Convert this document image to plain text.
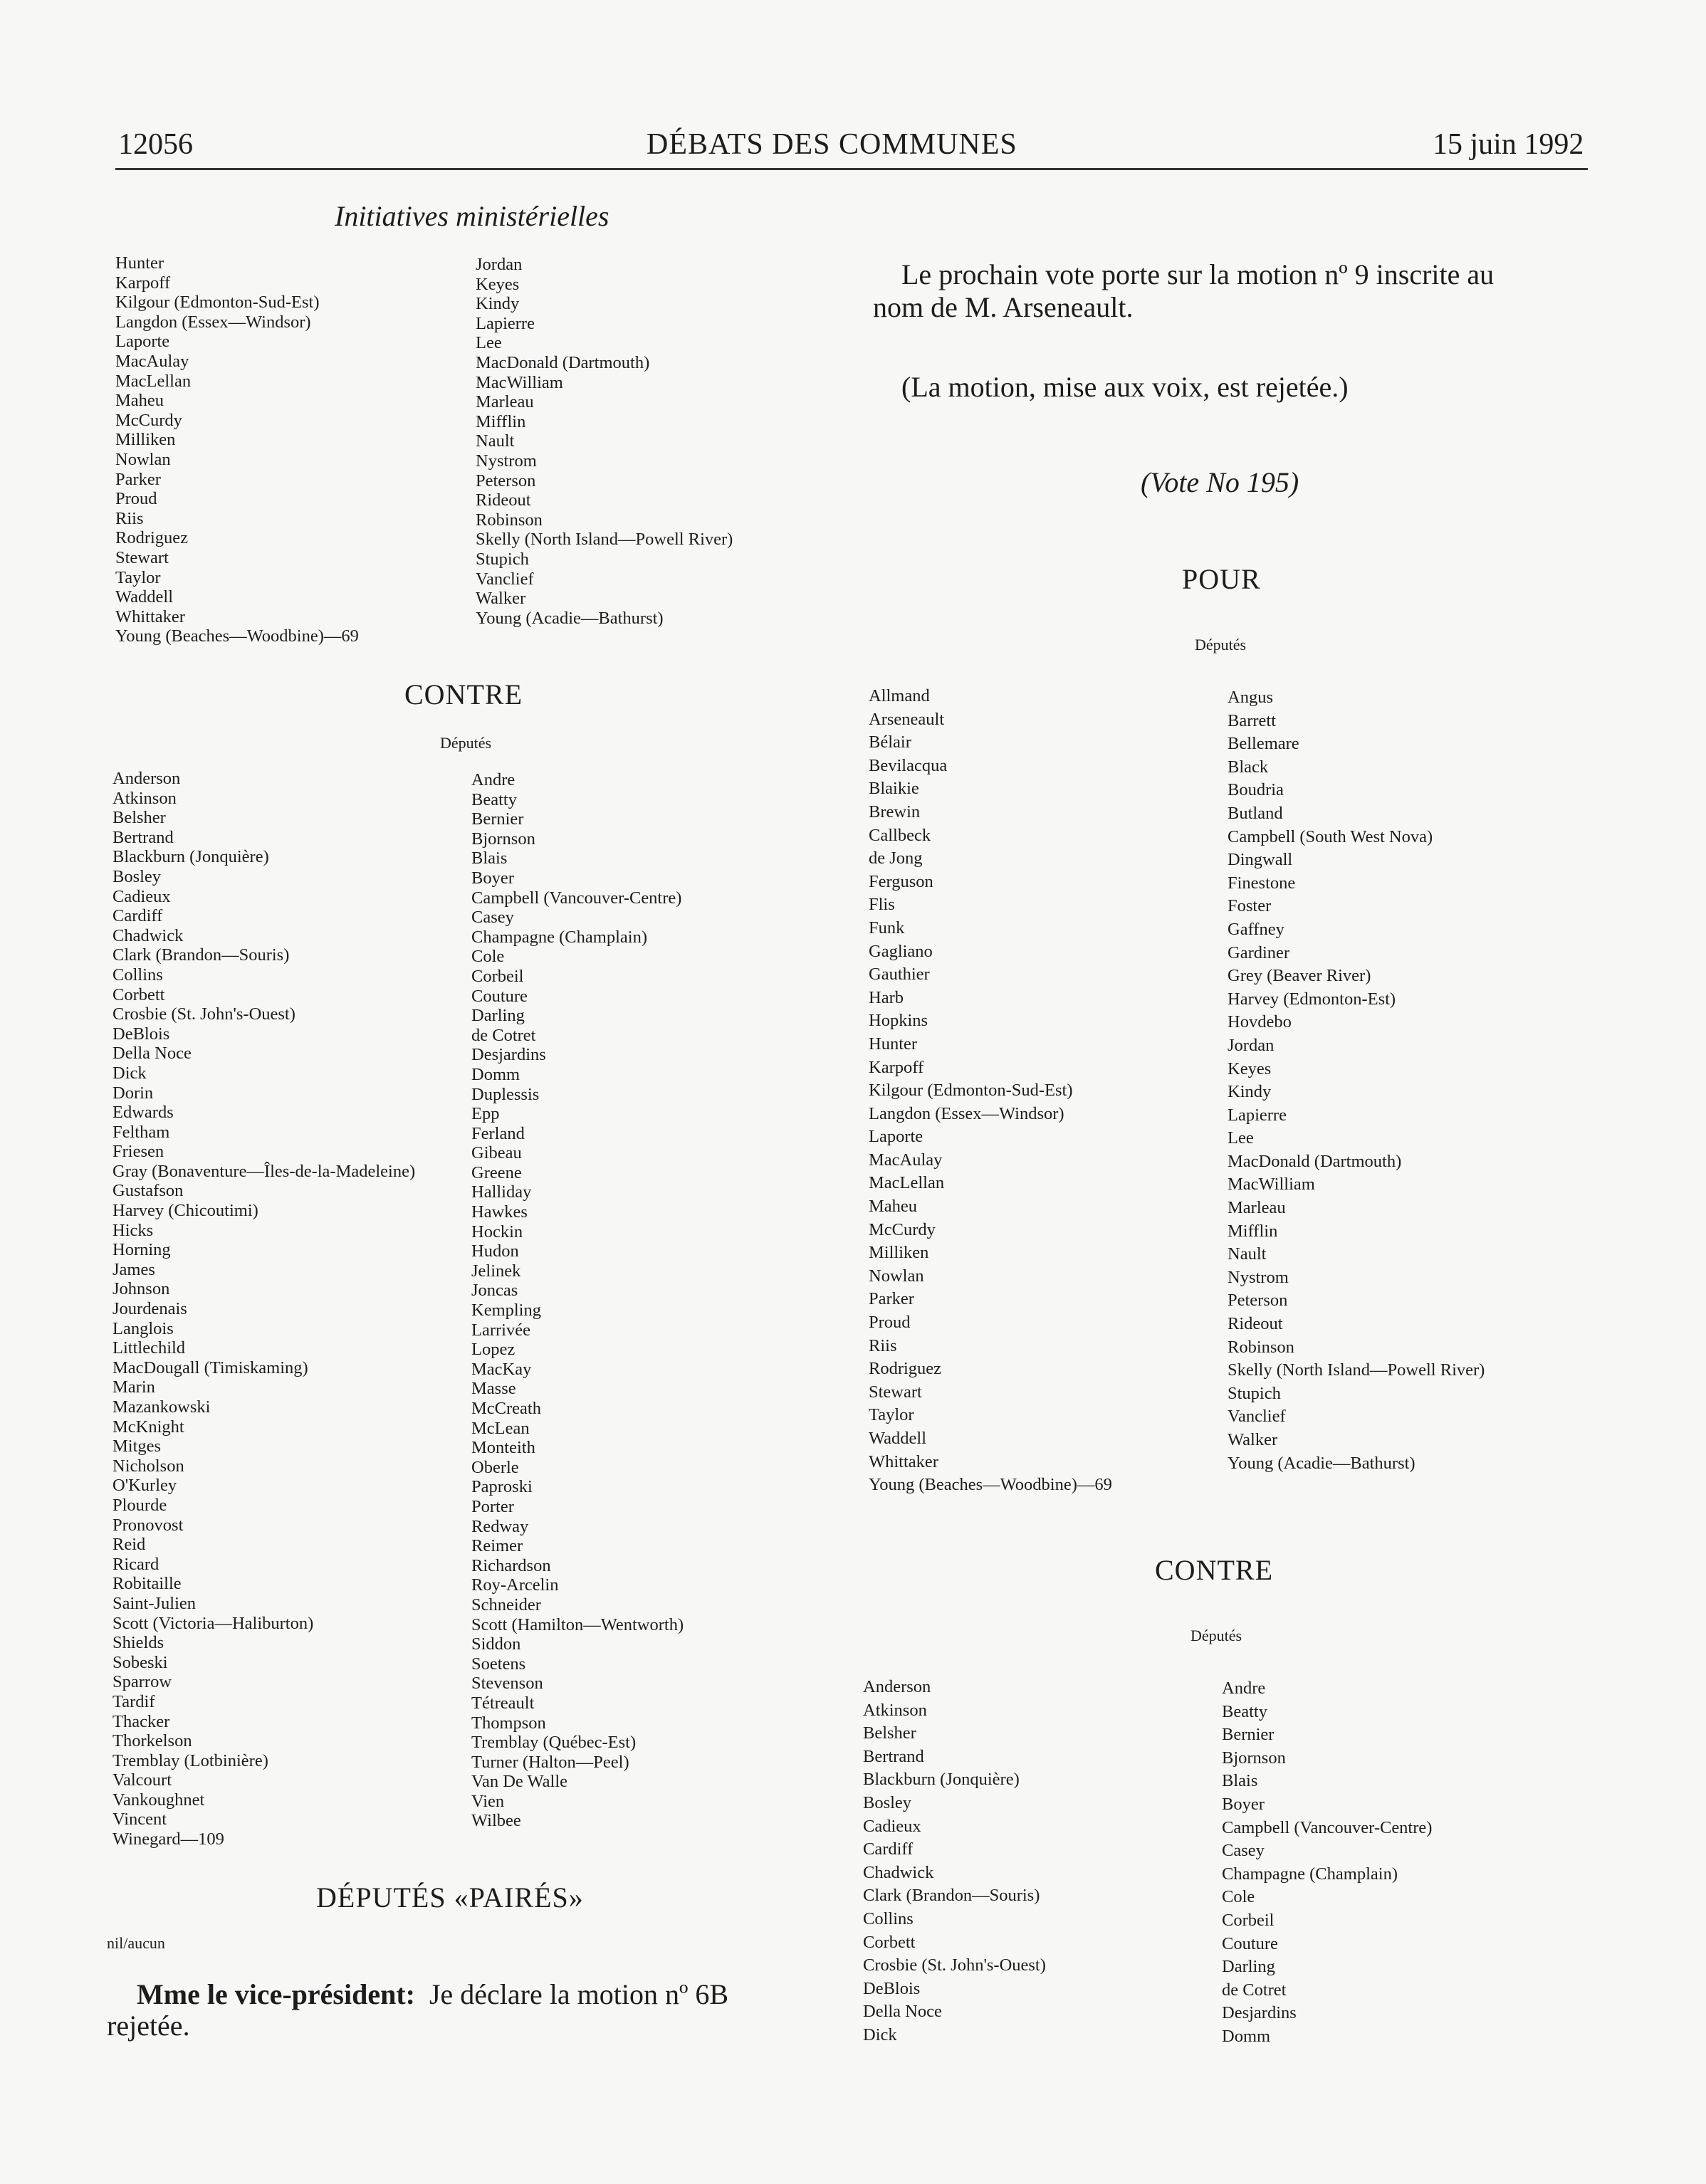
12056	DÉBATS DES COMMUNES	15 juin 1992
Initiatives ministérielles
Hunter
Karpoff
Kilgour (Edmonton-Sud-Est)
Langdon (Essex—Windsor)
Laporte
MacAulay
MacLellan
Maheu
McCurdy
Milliken
Nowlan
Parker
Proud
Riis
Rodriguez
Stewart
Taylor
Waddell
Whittaker
Young (Beaches—Woodbine)—69
Jordan
Keyes
Kindy
Lapierre
Lee
MacDonald (Dartmouth)
MacWilliam
Marleau
Mifflin
Nault
Nystrom
Peterson
Rideout
Robinson
Skelly (North Island—Powell River)
Stupich
Vanclief
Walker
Young (Acadie—Bathurst)
CONTRE
Députés
Anderson
Atkinson
Belsher
Bertrand
Blackburn (Jonquière)
Bosley
Cadieux
Cardiff
Chadwick
Clark (Brandon—Souris)
Collins
Corbett
Crosbie (St. John's-Ouest)
DeBlois
Della Noce
Dick
Dorin
Edwards
Feltham
Friesen
Gray (Bonaventure—Îles-de-la-Madeleine)
Gustafson
Harvey (Chicoutimi)
Hicks
Horning
James
Johnson
Jourdenais
Langlois
Littlechild
MacDougall (Timiskaming)
Marin
Mazankowski
McKnight
Mitges
Nicholson
O'Kurley
Plourde
Pronovost
Reid
Ricard
Robitaille
Saint-Julien
Scott (Victoria—Haliburton)
Shields
Sobeski
Sparrow
Tardif
Thacker
Thorkelson
Tremblay (Lotbinière)
Valcourt
Vankoughnet
Vincent
Winegard—109
Andre
Beatty
Bernier
Bjornson
Blais
Boyer
Campbell (Vancouver-Centre)
Casey
Champagne (Champlain)
Cole
Corbeil
Couture
Darling
de Cotret
Desjardins
Domm
Duplessis
Epp
Ferland
Gibeau
Greene
Halliday
Hawkes
Hockin
Hudon
Jelinek
Joncas
Kempling
Larrivée
Lopez
MacKay
Masse
McCreath
McLean
Monteith
Oberle
Paproski
Porter
Redway
Reimer
Richardson
Roy-Arcelin
Schneider
Scott (Hamilton—Wentworth)
Siddon
Soetens
Stevenson
Tétreault
Thompson
Tremblay (Québec-Est)
Turner (Halton—Peel)
Van De Walle
Vien
Wilbee
DÉPUTÉS «PAIRÉS»
nil/aucun
Mme le vice-président: Je déclare la motion nº 6B
rejetée.
Le prochain vote porte sur la motion nº 9 inscrite au
nom de M. Arseneault.
(La motion, mise aux voix, est rejetée.)
(Vote No 195)
POUR
Députés
Allmand
Arseneault
Bélair
Bevilacqua
Blaikie
Brewin
Callbeck
de Jong
Ferguson
Flis
Funk
Gagliano
Gauthier
Harb
Hopkins
Hunter
Karpoff
Kilgour (Edmonton-Sud-Est)
Langdon (Essex—Windsor)
Laporte
MacAulay
MacLellan
Maheu
McCurdy
Milliken
Nowlan
Parker
Proud
Riis
Rodriguez
Stewart
Taylor
Waddell
Whittaker
Young (Beaches—Woodbine)—69
Angus
Barrett
Bellemare
Black
Boudria
Butland
Campbell (South West Nova)
Dingwall
Finestone
Foster
Gaffney
Gardiner
Grey (Beaver River)
Harvey (Edmonton-Est)
Hovdebo
Jordan
Keyes
Kindy
Lapierre
Lee
MacDonald (Dartmouth)
MacWilliam
Marleau
Mifflin
Nault
Nystrom
Peterson
Rideout
Robinson
Skelly (North Island—Powell River)
Stupich
Vanclief
Walker
Young (Acadie—Bathurst)
CONTRE
Députés
Anderson
Atkinson
Belsher
Bertrand
Blackburn (Jonquière)
Bosley
Cadieux
Cardiff
Chadwick
Clark (Brandon—Souris)
Collins
Corbett
Crosbie (St. John's-Ouest)
DeBlois
Della Noce
Dick
Andre
Beatty
Bernier
Bjornson
Blais
Boyer
Campbell (Vancouver-Centre)
Casey
Champagne (Champlain)
Cole
Corbeil
Couture
Darling
de Cotret
Desjardins
Domm
